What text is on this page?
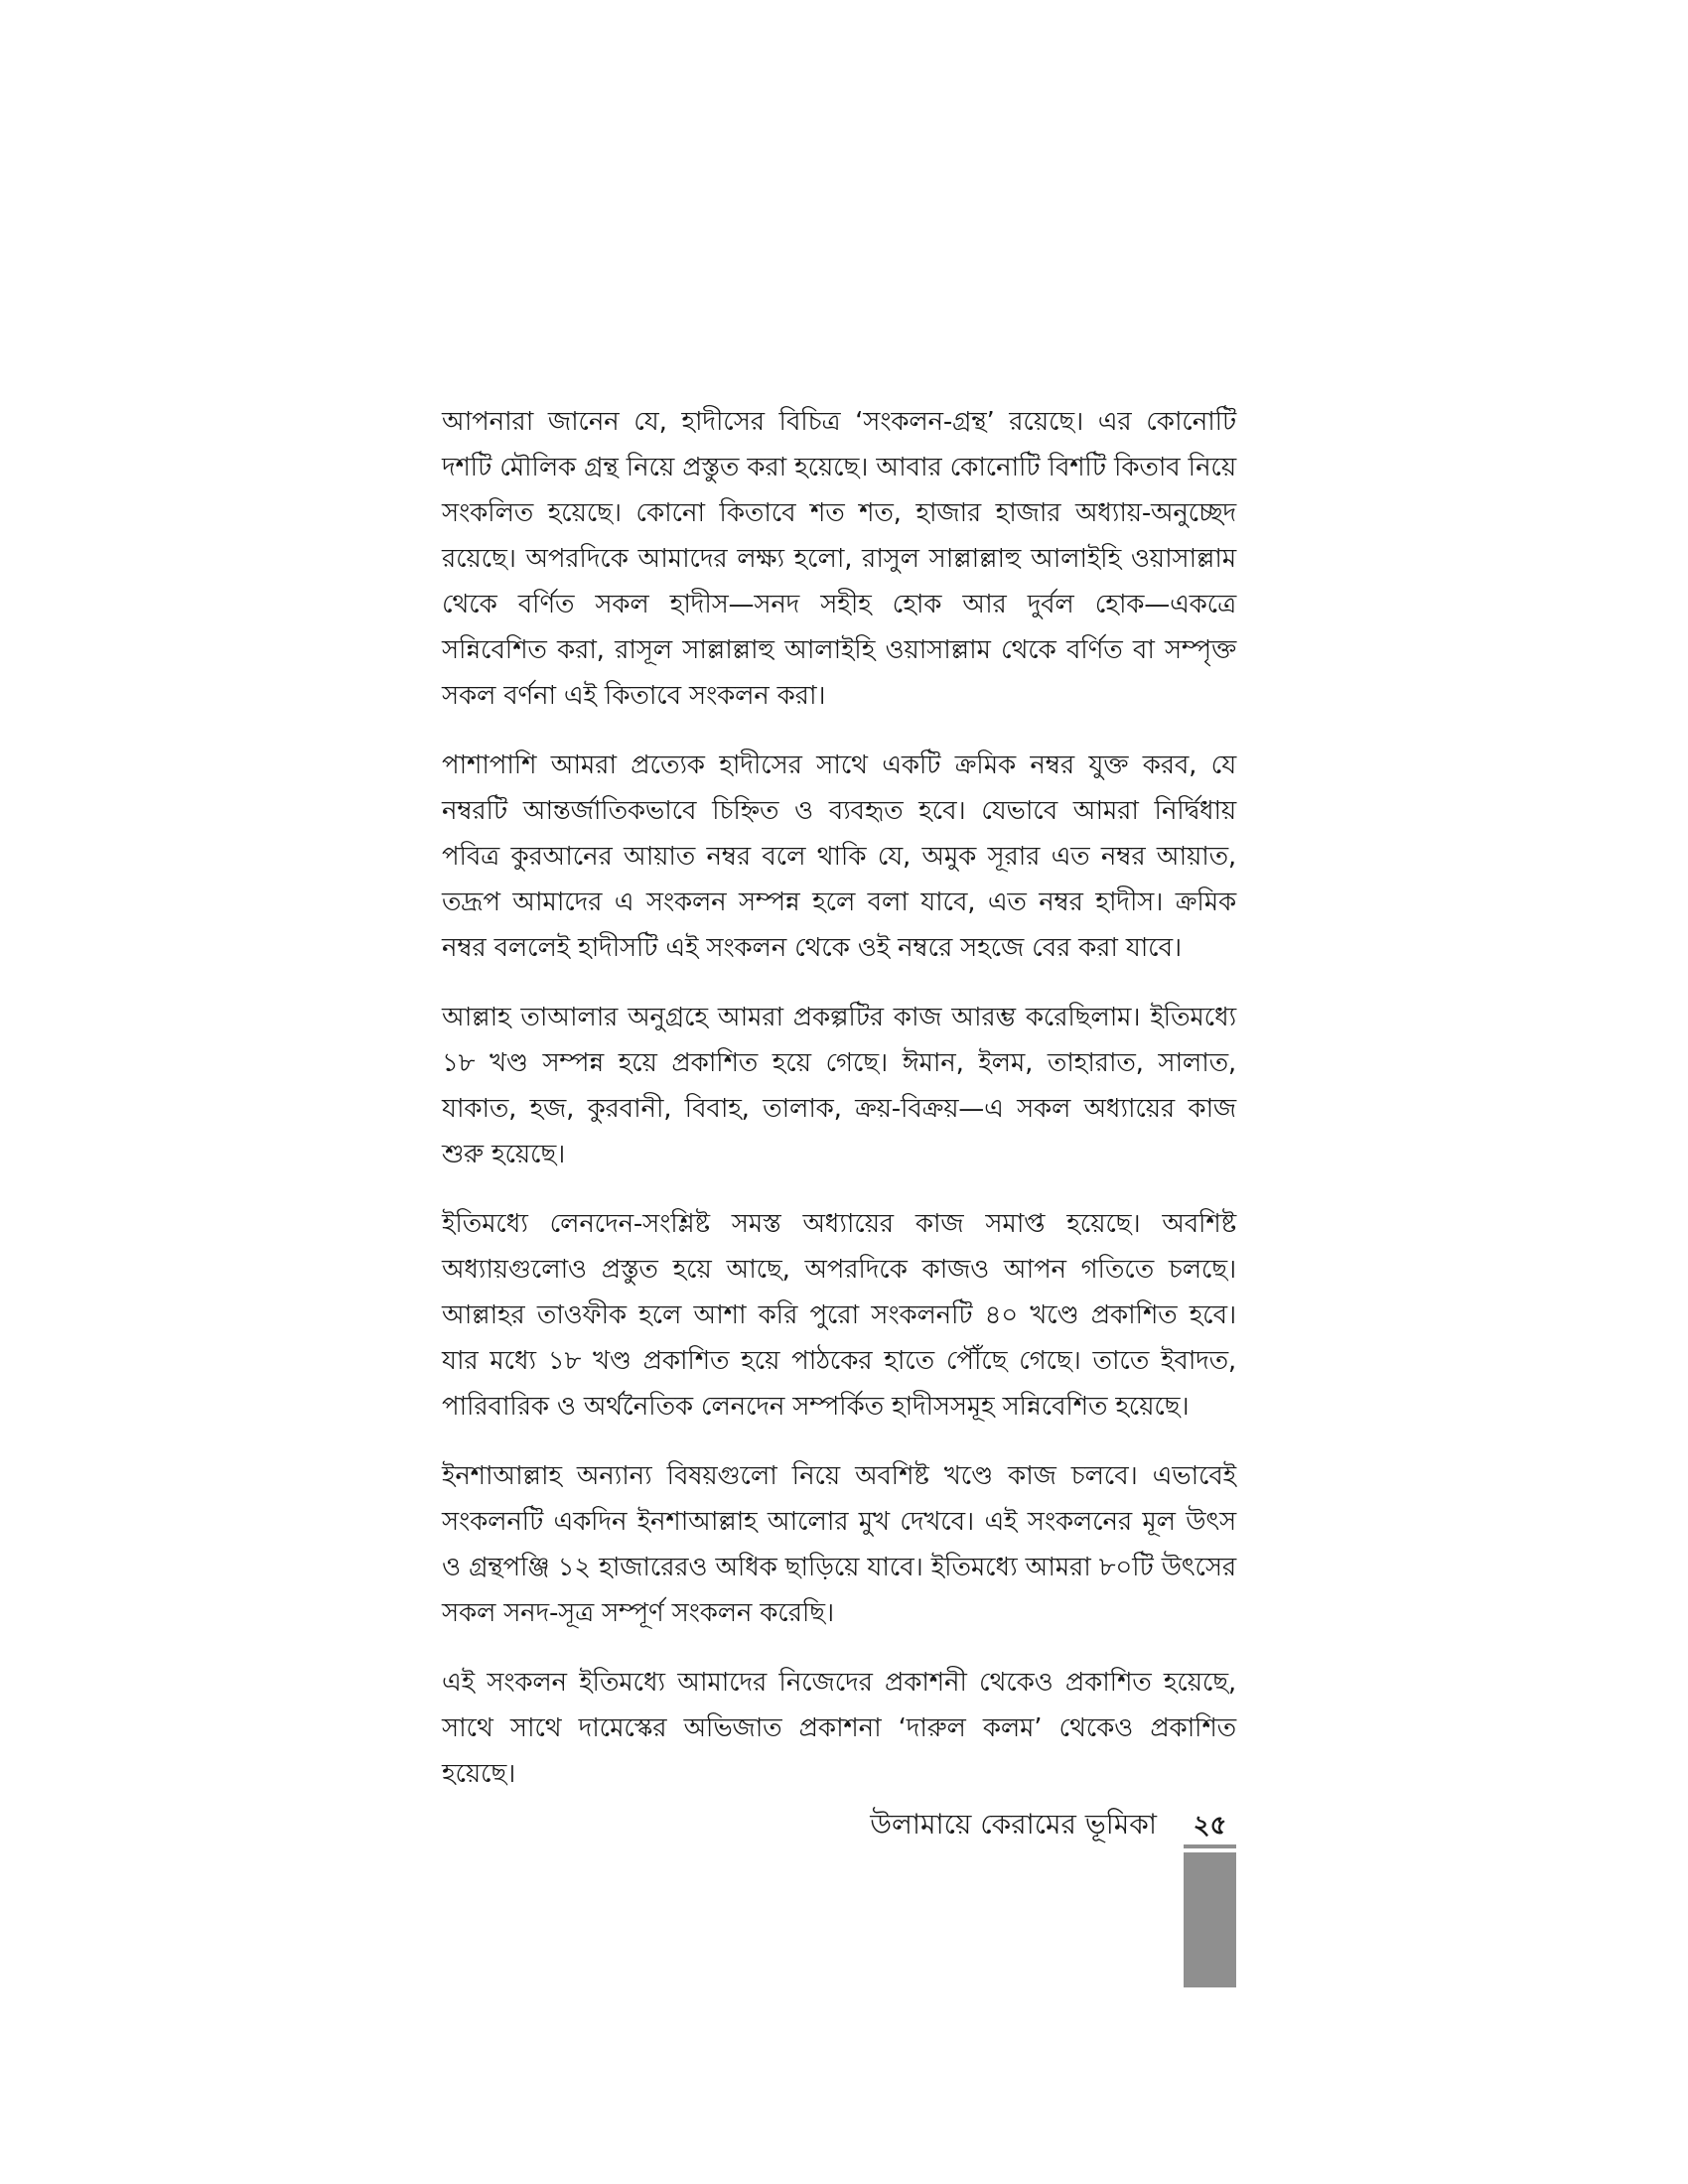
আপনারা জানেন যে, হাদীসের বিচিত্র ‘সংকলন-গ্রন্থ’ রয়েছে। এর কোনোটি দশটি মৌলিক গ্রন্থ নিয়ে প্রস্তুত করা হয়েছে। আবার কোনোটি বিশটি কিতাব নিয়ে সংকলিত হয়েছে। কোনো কিতাবে শত শত, হাজার হাজার অধ্যায়-অনুচ্ছেদ রয়েছে। অপরদিকে আমাদের লক্ষ্য হলো, রাসুল সাল্লাল্লাহু আলাইহি ওয়াসাল্লাম থেকে বর্ণিত সকল হাদীস—সনদ সহীহ হোক আর দুর্বল হোক—একত্রে সন্নিবেশিত করা, রাসূল সাল্লাল্লাহু আলাইহি ওয়াসাল্লাম থেকে বর্ণিত বা সম্পৃক্ত সকল বর্ণনা এই কিতাবে সংকলন করা।

পাশাপাশি আমরা প্রত্যেক হাদীসের সাথে একটি ক্রমিক নম্বর যুক্ত করব, যে নম্বরটি আন্তর্জাতিকভাবে চিহ্নিত ও ব্যবহৃত হবে। যেভাবে আমরা নির্দ্বিধায় পবিত্র কুরআনের আয়াত নম্বর বলে থাকি যে, অমুক সূরার এত নম্বর আয়াত, তদ্রূপ আমাদের এ সংকলন সম্পন্ন হলে বলা যাবে, এত নম্বর হাদীস। ক্রমিক নম্বর বললেই হাদীসটি এই সংকলন থেকে ওই নম্বরে সহজে বের করা যাবে।

আল্লাহ তাআলার অনুগ্রহে আমরা প্রকল্পটির কাজ আরম্ভ করেছিলাম। ইতিমধ্যে ১৮ খণ্ড সম্পন্ন হয়ে প্রকাশিত হয়ে গেছে। ঈমান, ইলম, তাহারাত, সালাত, যাকাত, হজ, কুরবানী, বিবাহ, তালাক, ক্রয়-বিক্রয়—এ সকল অধ্যায়ের কাজ শুরু হয়েছে।

ইতিমধ্যে লেনদেন-সংশ্লিষ্ট সমস্ত অধ্যায়ের কাজ সমাপ্ত হয়েছে। অবশিষ্ট অধ্যায়গুলোও প্রস্তুত হয়ে আছে, অপরদিকে কাজও আপন গতিতে চলছে। আল্লাহর তাওফীক হলে আশা করি পুরো সংকলনটি ৪০ খণ্ডে প্রকাশিত হবে। যার মধ্যে ১৮ খণ্ড প্রকাশিত হয়ে পাঠকের হাতে পৌঁছে গেছে। তাতে ইবাদত, পারিবারিক ও অর্থনৈতিক লেনদেন সম্পর্কিত হাদীসসমূহ সন্নিবেশিত হয়েছে।

ইনশাআল্লাহ অন্যান্য বিষয়গুলো নিয়ে অবশিষ্ট খণ্ডে কাজ চলবে। এভাবেই সংকলনটি একদিন ইনশাআল্লাহ আলোর মুখ দেখবে। এই সংকলনের মূল উৎস ও গ্রন্থপঞ্জি ১২ হাজারেরও অধিক ছাড়িয়ে যাবে। ইতিমধ্যে আমরা ৮০টি উৎসের সকল সনদ-সূত্র সম্পূর্ণ সংকলন করেছি।

এই সংকলন ইতিমধ্যে আমাদের নিজেদের প্রকাশনী থেকেও প্রকাশিত হয়েছে, সাথে সাথে দামেস্কের অভিজাত প্রকাশনা ‘দারুল কলম’ থেকেও প্রকাশিত হয়েছে।

উলামায়ে কেরামের ভূমিকা	২৫
